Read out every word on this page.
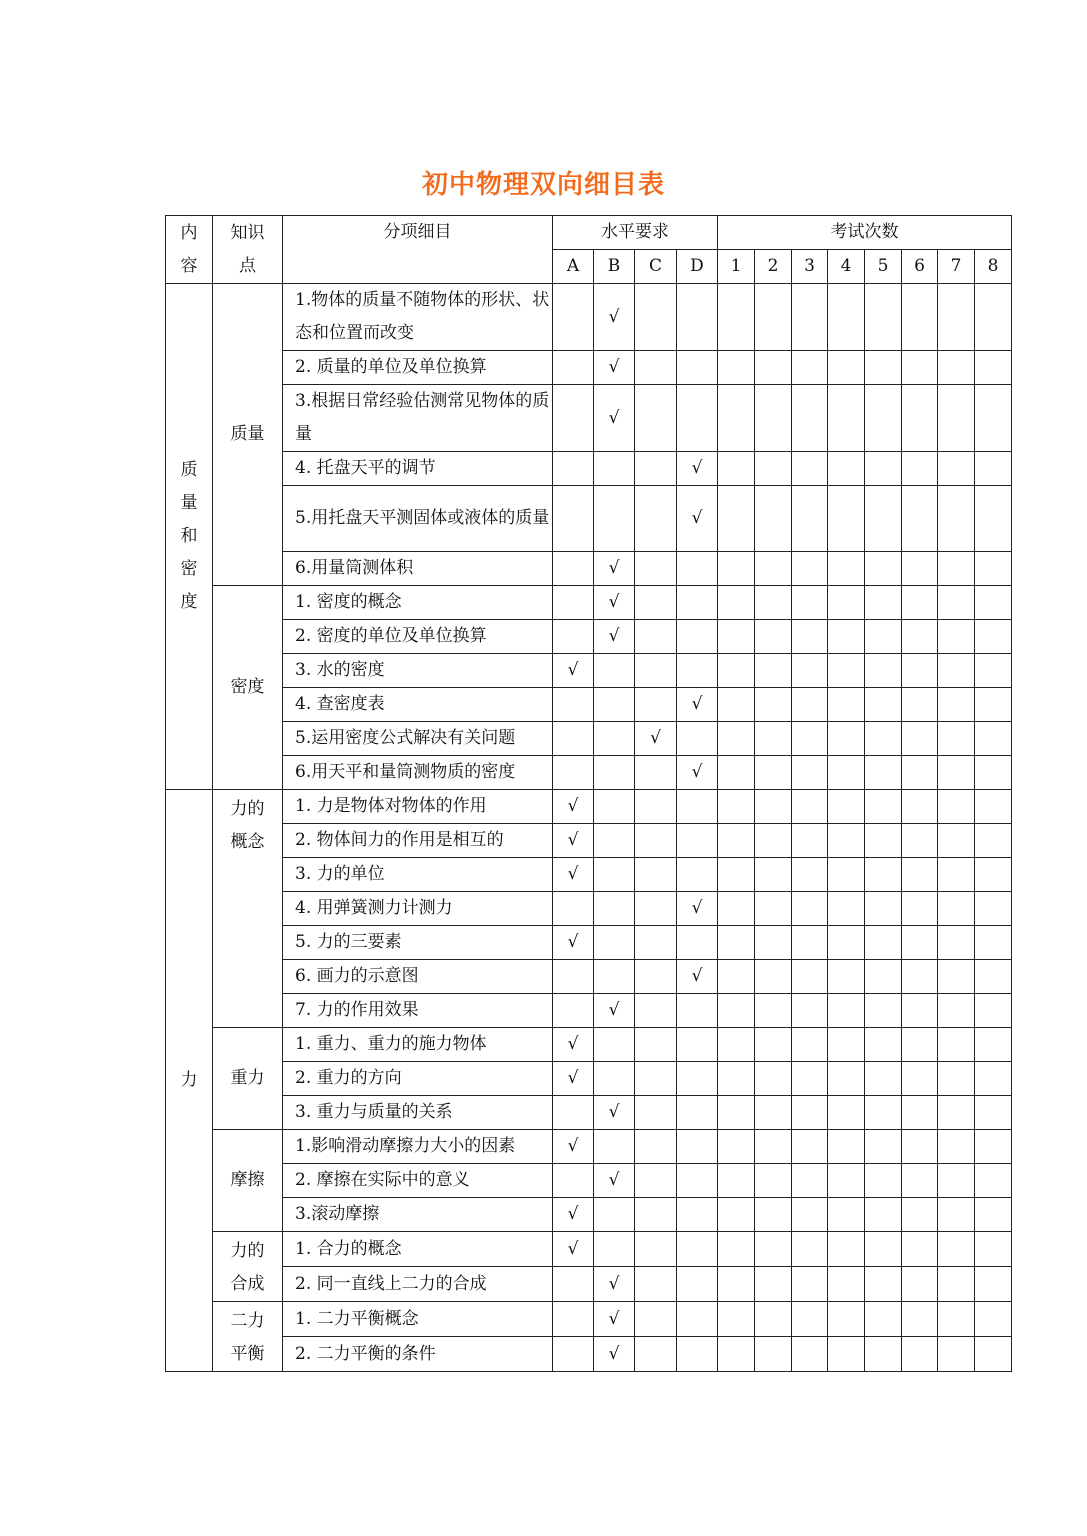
初中物理双向细目表
内
容	知识
点	分项细目	水平要求				考试次数							
			A	B	C	D	1	2	3	4	5	6	7	8

质
量
和
密
度	质量	1.物体的质量不随物体的形状、状态和位置而改变		√										
		2. 质量的单位及单位换算		√										
		3.根据日常经验估测常见物体的质量		√										
		4. 托盘天平的调节				√								
		5.用托盘天平测固体或液体的质量				√								
		6.用量筒测体积		√										

	密度	1. 密度的概念		√										
		2. 密度的单位及单位换算		√										
		3. 水的密度	√											
		4. 查密度表				√								
		5.运用密度公式解决有关问题			√									
		6.用天平和量筒测物质的密度				√								

力	力的
概念	1. 力是物体对物体的作用	√											
		2. 物体间力的作用是相互的	√											
		3. 力的单位	√											
		4. 用弹簧测力计测力				√								
		5. 力的三要素	√											
		6. 画力的示意图				√								
		7. 力的作用效果		√										

	重力	1. 重力、重力的施力物体	√											
		2. 重力的方向	√											
		3. 重力与质量的关系		√										

	摩擦	1.影响滑动摩擦力大小的因素	√											
		2. 摩擦在实际中的意义		√										
		3.滚动摩擦	√											

	力的
合成	1. 合力的概念	√											
		2. 同一直线上二力的合成		√										

	二力
平衡	1. 二力平衡概念		√										
		2. 二力平衡的条件		√										
